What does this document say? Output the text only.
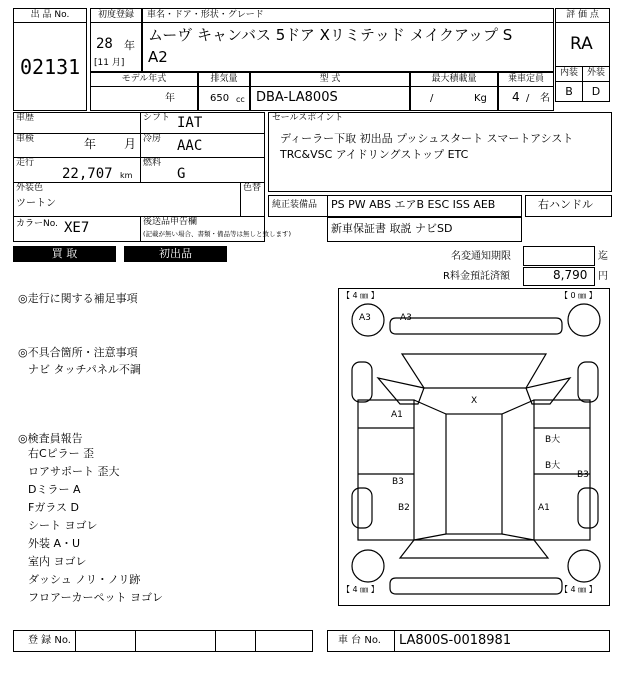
出 品 No.
02131
初度登録
28 年
[11 月]
車名・ドア・形状・グレード
ムーヴ キャンバス 5ドア Xリミテッド メイクアップ S
A2
評 価 点
RA
内装 外装
B	D
モデル年式
年
排気量
650 cc
型 式
DBA-LA800S
最大積載量
/	Kg
乗車定員
4 / 名
車歴	シフト IAT
車検	年 月 冷房 AAC
走行
22,707 km
燃料
G
外装色
ツートン
色替
カラーNo. XE7	後送品申告欄
(記載が無い場合、書類・備品等は無しと致します)
セールスポイント
ディーラー下取 初出品 プッシュスタート スマートアシスト
TRC&VSC アイドリングストップ ETC
純正装備品 PS PW ABS エアB ESC ISS AEB	右ハンドル
新車保証書 取説 ナビSD
買 取	初出品	名変通知期限	迄
R料金預託済額	8,790 円
◎走行に関する補足事項
◎不具合箇所・注意事項
ナビ タッチパネル不調
◎検査員報告
右Cピラー 歪
ロアサポート 歪大
Dミラー A
Fガラス D
シート ヨゴレ
外装 A・U
室内 ヨゴレ
ダッシュ ノリ・ノリ跡
フロアーカーペット ヨゴレ
【 4 ㎜ 】	【 0 ㎜ 】
【 4 ㎜ 】	【 4 ㎜ 】
A3	A3
X
A1
B大
B大
B3
B3
B2	A1
登 録 No.	車 台 No. LA800S-0018981
